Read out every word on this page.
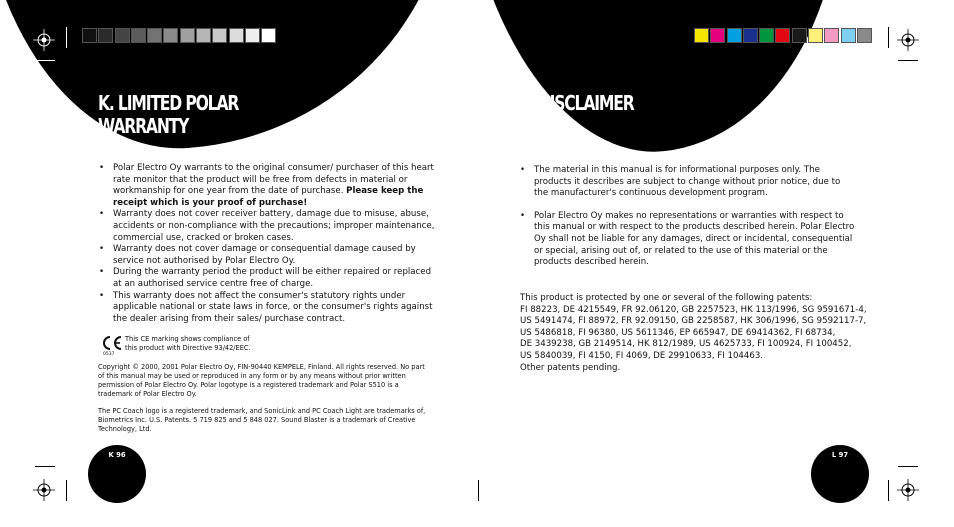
K. LIMITED POLAR
WARRANTY
• Polar Electro Oy warrants to the original consumer/ purchaser of this heart rate monitor that the product will be free from defects in material or workmanship for one year from the date of purchase. Please keep the receipt which is your proof of purchase!
• Warranty does not cover receiver battery, damage due to misuse, abuse, accidents or non-compliance with the precautions; improper maintenance, commercial use, cracked or broken cases.
• Warranty does not cover damage or consequential damage caused by service not authorised by Polar Electro Oy.
• During the warranty period the product will be either repaired or replaced at an authorised service centre free of charge.
• This warranty does not affect the consumer's statutory rights under applicable national or state laws in force, or the consumer's rights against the dealer arising from their sales/ purchase contract.
0537
This CE marking shows compliance of
this product with Directive 93/42/EEC.

Copyright © 2000, 2001 Polar Electro Oy, FIN-90440 KEMPELE, Finland. All rights reserved. No part of this manual may be used or reproduced in any form or by any means without prior written permission of Polar Electro Oy. Polar logotype is a registered trademark and Polar S510 is a trademark of Polar Electro Oy.

The PC Coach logo is a registered trademark, and SonicLink and PC Coach Light are trademarks of, Biometrics Inc. U.S. Patents. 5 719 825 and 5 848 027. Sound Blaster is a trademark of Creative Technology, Ltd.

K 96
L. DISCLAIMER
• The material in this manual is for informational purposes only. The products it describes are subject to change without prior notice, due to the manufacturer's continuous development program.
• Polar Electro Oy makes no representations or warranties with respect to this manual or with respect to the products described herein. Polar Electro Oy shall not be liable for any damages, direct or incidental, consequential or special, arising out of, or related to the use of this material or the products described herein.
This product is protected by one or several of the following patents:
FI 88223, DE 4215549, FR 92.06120, GB 2257523, HK 113/1996, SG 9591671-4,
US 5491474, FI 88972, FR 92.09150, GB 2258587, HK 306/1996, SG 9592117-7,
US 5486818, FI 96380, US 5611346, EP 665947, DE 69414362, FI 68734,
DE 3439238, GB 2149514, HK 812/1989, US 4625733, FI 100924, FI 100452,
US 5840039, FI 4150, FI 4069, DE 29910633, FI 104463.
Other patents pending.
L 97
